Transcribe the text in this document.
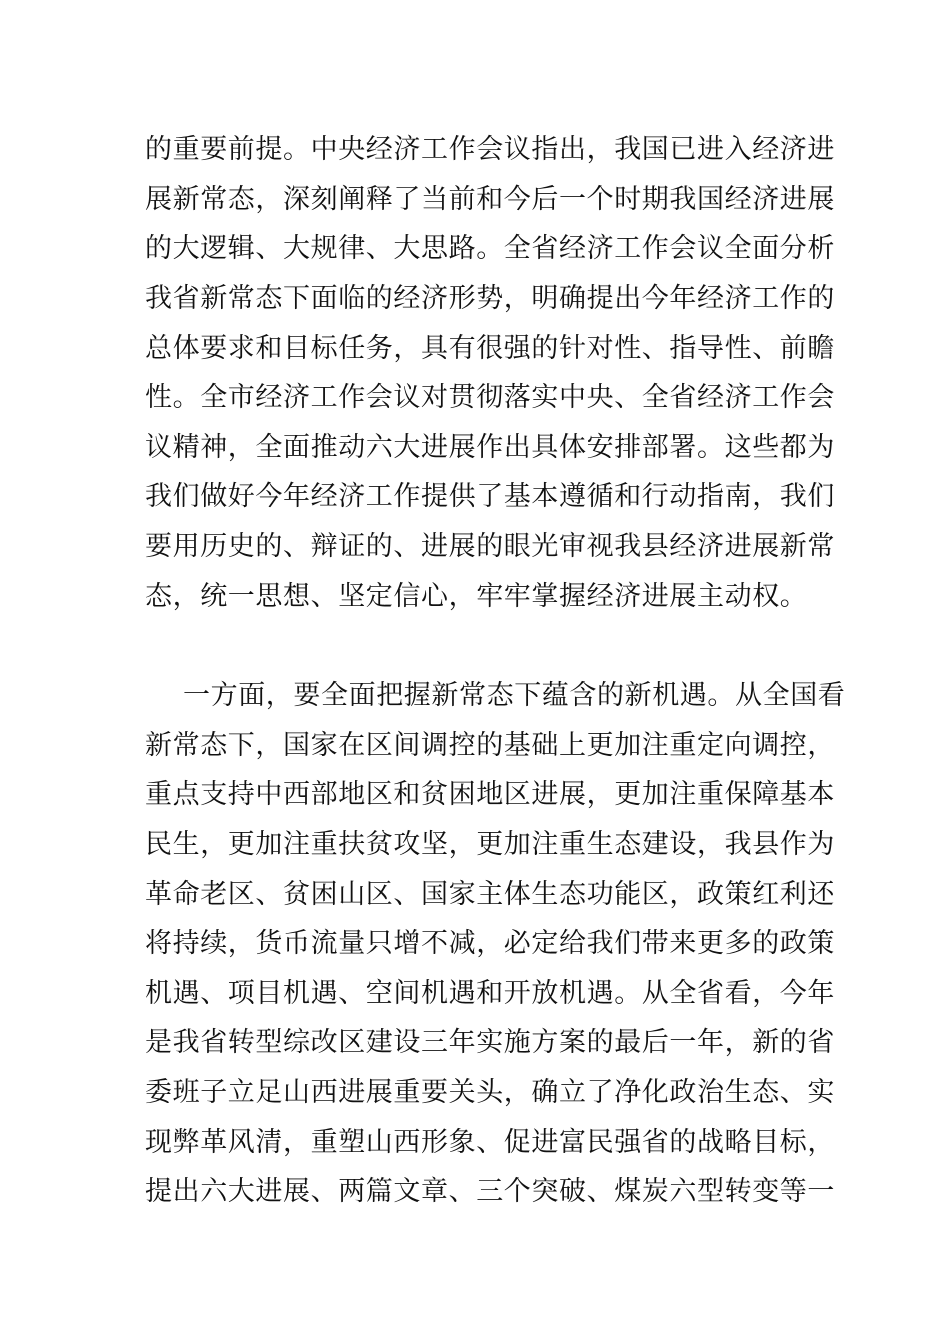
的重要前提。中央经济工作会议指出，我国已进入经济进
展新常态，深刻阐释了当前和今后一个时期我国经济进展
的大逻辑、大规律、大思路。全省经济工作会议全面分析
我省新常态下面临的经济形势，明确提出今年经济工作的
总体要求和目标任务，具有很强的针对性、指导性、前瞻
性。全市经济工作会议对贯彻落实中央、全省经济工作会
议精神，全面推动六大进展作出具体安排部署。这些都为
我们做好今年经济工作提供了基本遵循和行动指南，我们
要用历史的、辩证的、进展的眼光审视我县经济进展新常
态，统一思想、坚定信心，牢牢掌握经济进展主动权。
一方面，要全面把握新常态下蕴含的新机遇。从全国看
新常态下，国家在区间调控的基础上更加注重定向调控，
重点支持中西部地区和贫困地区进展，更加注重保障基本
民生，更加注重扶贫攻坚，更加注重生态建设，我县作为
革命老区、贫困山区、国家主体生态功能区，政策红利还
将持续，货币流量只增不减，必定给我们带来更多的政策
机遇、项目机遇、空间机遇和开放机遇。从全省看，今年
是我省转型综改区建设三年实施方案的最后一年，新的省
委班子立足山西进展重要关头，确立了净化政治生态、实
现弊革风清，重塑山西形象、促进富民强省的战略目标，
提出六大进展、两篇文章、三个突破、煤炭六型转变等一
